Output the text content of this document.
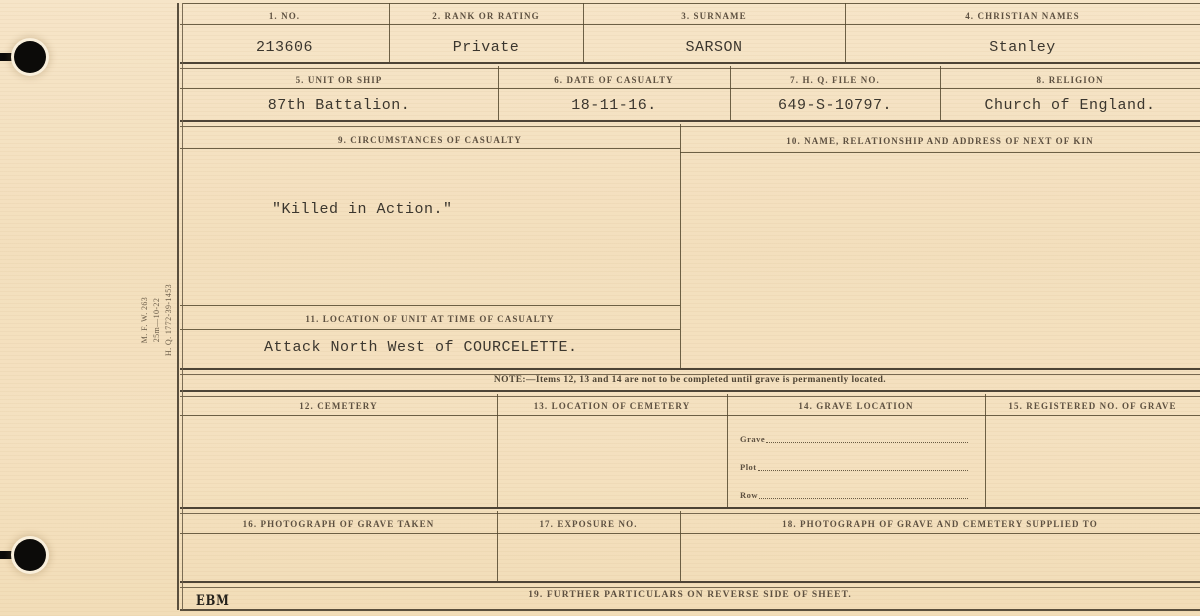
M. F. W. 263 25m—10-22 H. Q. 1772-39-1453
1. NO.	2. RANK OR RATING	3. SURNAME	4. CHRISTIAN NAMES
213606	Private	SARSON	Stanley
5. UNIT OR SHIP	6. DATE OF CASUALTY	7. H. Q. FILE NO.	8. RELIGION
87th Battalion.	18-11-16.	649-S-10797.	Church of England.
9. CIRCUMSTANCES OF CASUALTY	10. NAME, RELATIONSHIP AND ADDRESS OF NEXT OF KIN
"Killed in Action."
11. LOCATION OF UNIT AT TIME OF CASUALTY
Attack North West of COURCELETTE.
NOTE:—Items 12, 13 and 14 are not to be completed until grave is permanently located.
12. CEMETERY	13. LOCATION OF CEMETERY	14. GRAVE LOCATION	15. REGISTERED NO. OF GRAVE
Grave
Plot
Row
16. PHOTOGRAPH OF GRAVE TAKEN	17. EXPOSURE NO.	18. PHOTOGRAPH OF GRAVE AND CEMETERY SUPPLIED TO
19. FURTHER PARTICULARS ON REVERSE SIDE OF SHEET.
EBM
